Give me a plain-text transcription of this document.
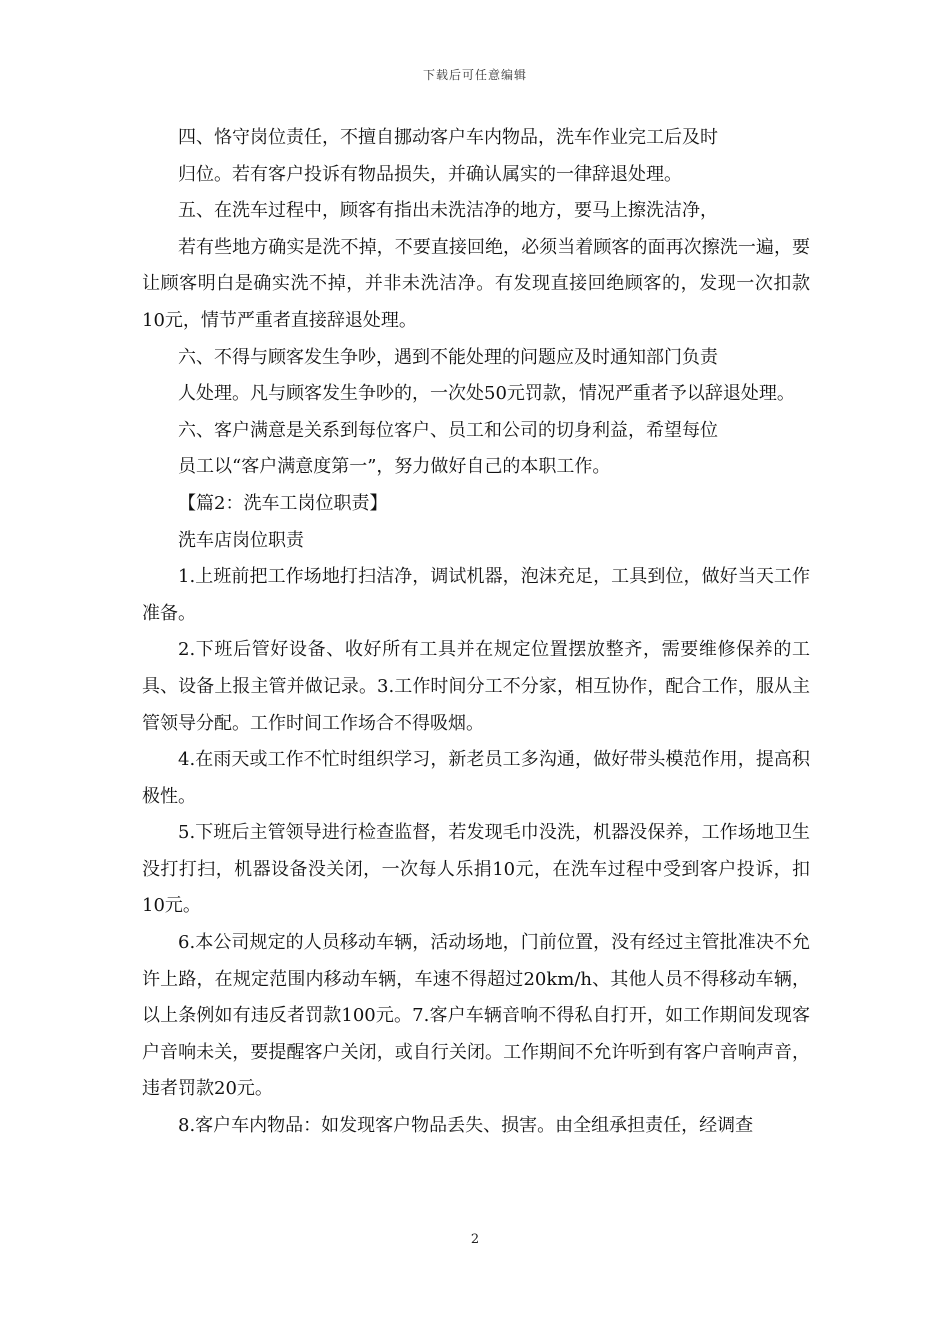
下载后可任意编辑

四、恪守岗位责任，不擅自挪动客户车内物品，洗车作业完工后及时

归位。若有客户投诉有物品损失，并确认属实的一律辞退处理。

五、在洗车过程中，顾客有指出未洗洁净的地方，要马上擦洗洁净，

若有些地方确实是洗不掉，不要直接回绝，必须当着顾客的面再次擦洗一遍，要让顾客明白是确实洗不掉，并非未洗洁净。有发现直接回绝顾客的，发现一次扣款10元，情节严重者直接辞退处理。

六、不得与顾客发生争吵，遇到不能处理的问题应及时通知部门负责

人处理。凡与顾客发生争吵的，一次处50元罚款，情况严重者予以辞退处理。

六、客户满意是关系到每位客户、员工和公司的切身利益，希望每位

员工以“客户满意度第一”，努力做好自己的本职工作。

【篇2：洗车工岗位职责】

洗车店岗位职责

1.上班前把工作场地打扫洁净，调试机器，泡沫充足，工具到位，做好当天工作准备。

2.下班后管好设备、收好所有工具并在规定位置摆放整齐，需要维修保养的工具、设备上报主管并做记录。3.工作时间分工不分家，相互协作，配合工作，服从主管领导分配。工作时间工作场合不得吸烟。

4.在雨天或工作不忙时组织学习，新老员工多沟通，做好带头模范作用，提高积极性。

5.下班后主管领导进行检查监督，若发现毛巾没洗，机器没保养，工作场地卫生没打打扫，机器设备没关闭，一次每人乐捐10元，在洗车过程中受到客户投诉，扣10元。

6.本公司规定的人员移动车辆，活动场地，门前位置，没有经过主管批准决不允许上路，在规定范围内移动车辆，车速不得超过20km/h、其他人员不得移动车辆，以上条例如有违反者罚款100元。7.客户车辆音响不得私自打开，如工作期间发现客户音响未关，要提醒客户关闭，或自行关闭。工作期间不允许听到有客户音响声音，违者罚款20元。

8.客户车内物品：如发现客户物品丢失、损害。由全组承担责任，经调查

2
